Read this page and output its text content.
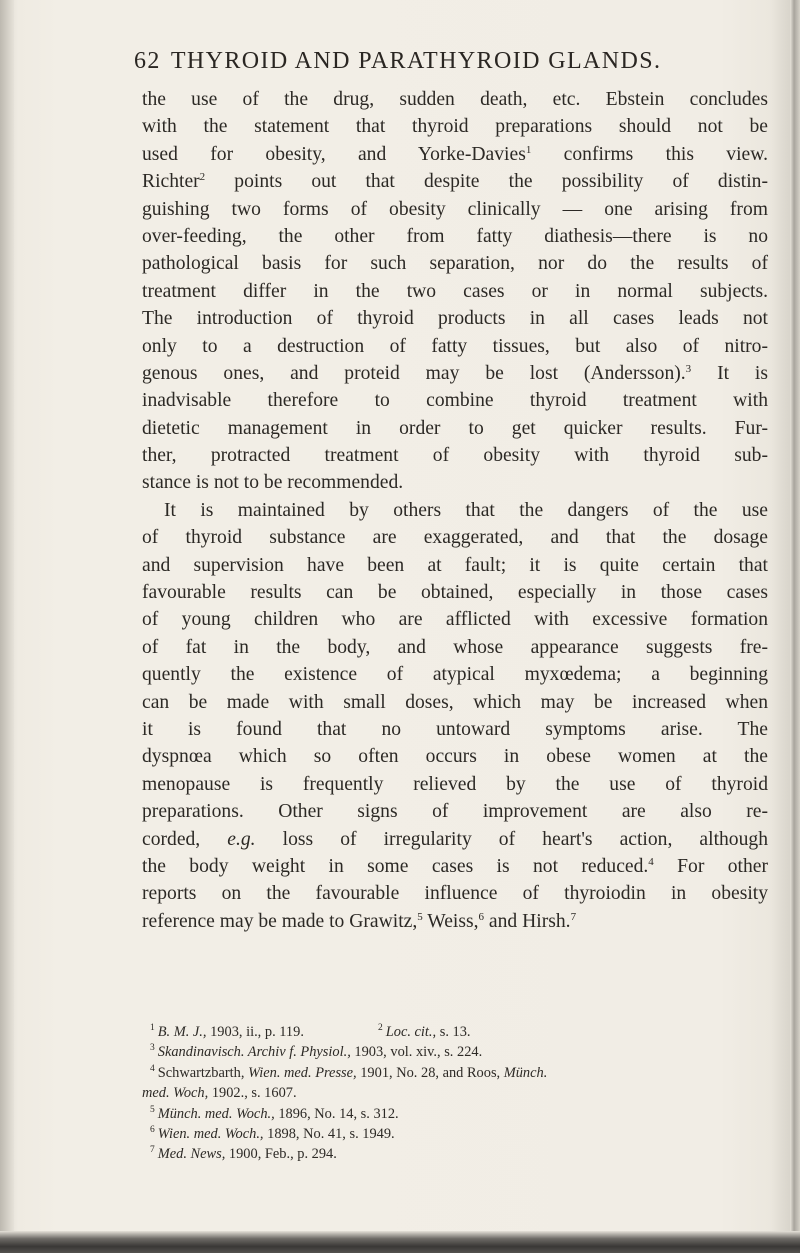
62 THYROID AND PARATHYROID GLANDS.
the use of the drug, sudden death, etc. Ebstein concludes
with the statement that thyroid preparations should not be
used for obesity, and Yorke-Davies$^1$ confirms this view.
Richter$^2$ points out that despite the possibility of distin-
guishing two forms of obesity clinically — one arising from
over-feeding, the other from fatty diathesis—there is no
pathological basis for such separation, nor do the results of
treatment differ in the two cases or in normal subjects.
The introduction of thyroid products in all cases leads not
only to a destruction of fatty tissues, but also of nitro-
genous ones, and proteid may be lost (Andersson).$^3$ It is
inadvisable therefore to combine thyroid treatment with
dietetic management in order to get quicker results. Fur-
ther, protracted treatment of obesity with thyroid sub-
stance is not to be recommended.
It is maintained by others that the dangers of the use
of thyroid substance are exaggerated, and that the dosage
and supervision have been at fault; it is quite certain that
favourable results can be obtained, especially in those cases
of young children who are afflicted with excessive formation
of fat in the body, and whose appearance suggests fre-
quently the existence of atypical myxœdema; a beginning
can be made with small doses, which may be increased when
it is found that no untoward symptoms arise. The
dyspnœa which so often occurs in obese women at the
menopause is frequently relieved by the use of thyroid
preparations. Other signs of improvement are also re-
corded, e.g. loss of irregularity of heart's action, although
the body weight in some cases is not reduced.$^4$ For other
reports on the favourable influence of thyroiodin in obesity
reference may be made to Grawitz,$^5$ Weiss,$^6$ and Hirsh.$^7$
$^1$ B. M. J., 1903, ii., p. 119.	$^2$ Loc. cit., s. 13.
$^3$ Skandinavisch. Archiv f. Physiol., 1903, vol. xiv., s. 224.
$^4$ Schwartzbarth, Wien. med. Presse, 1901, No. 28, and Roos, Münch.
med. Woch, 1902., s. 1607.
$^5$ Münch. med. Woch., 1896, No. 14, s. 312.
$^6$ Wien. med. Woch., 1898, No. 41, s. 1949.
$^7$ Med. News, 1900, Feb., p. 294.
